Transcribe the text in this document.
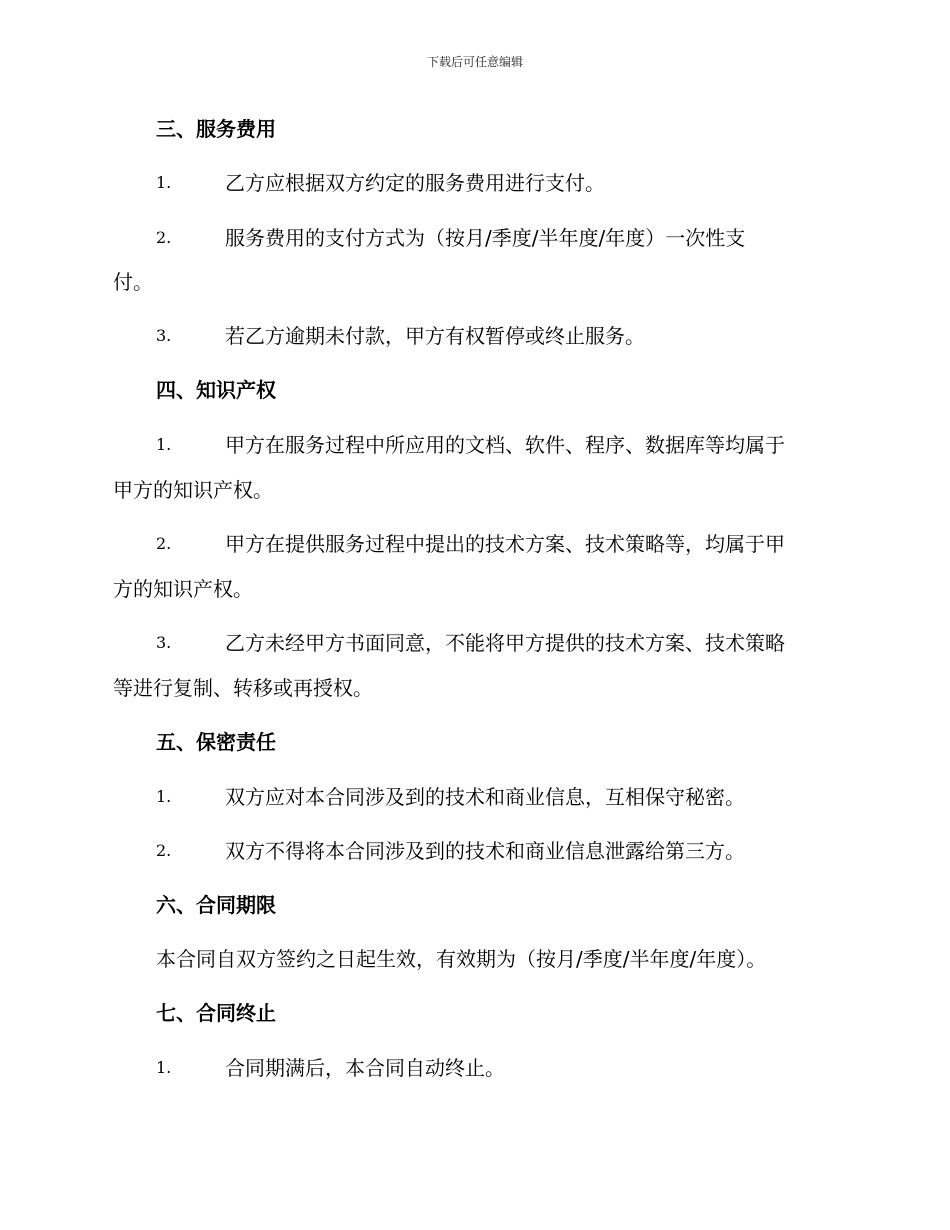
下载后可任意编辑
三、服务费用
1.	乙方应根据双方约定的服务费用进行支付。
2.	服务费用的支付方式为（按月/季度/半年度/年度）一次性支
付。
3.	若乙方逾期未付款，甲方有权暂停或终止服务。
四、知识产权
1.	甲方在服务过程中所应用的文档、软件、程序、数据库等均属于
甲方的知识产权。
2.	甲方在提供服务过程中提出的技术方案、技术策略等，均属于甲
方的知识产权。
3.	乙方未经甲方书面同意，不能将甲方提供的技术方案、技术策略
等进行复制、转移或再授权。
五、保密责任
1.	双方应对本合同涉及到的技术和商业信息，互相保守秘密。
2.	双方不得将本合同涉及到的技术和商业信息泄露给第三方。
六、合同期限
本合同自双方签约之日起生效，有效期为（按月/季度/半年度/年度）。
七、合同终止
1.	合同期满后，本合同自动终止。
